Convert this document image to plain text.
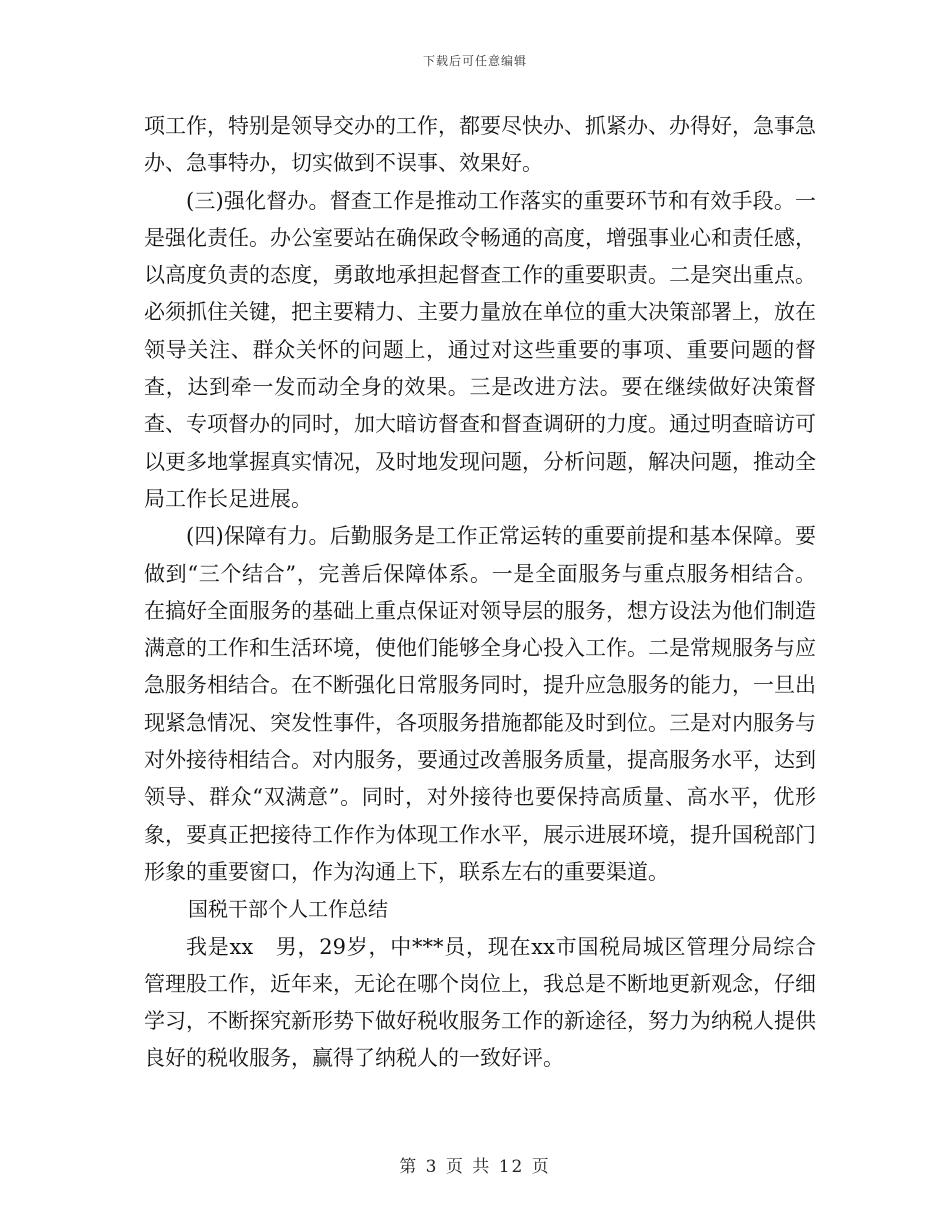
下载后可任意编辑

项工作，特别是领导交办的工作，都要尽快办、抓紧办、办得好，急事急办、急事特办，切实做到不误事、效果好。

(三)强化督办。督查工作是推动工作落实的重要环节和有效手段。一是强化责任。办公室要站在确保政令畅通的高度，增强事业心和责任感，以高度负责的态度，勇敢地承担起督查工作的重要职责。二是突出重点。必须抓住关键，把主要精力、主要力量放在单位的重大决策部署上，放在领导关注、群众关怀的问题上，通过对这些重要的事项、重要问题的督查，达到牵一发而动全身的效果。三是改进方法。要在继续做好决策督查、专项督办的同时，加大暗访督查和督查调研的力度。通过明查暗访可以更多地掌握真实情况，及时地发现问题，分析问题，解决问题，推动全局工作长足进展。

(四)保障有力。后勤服务是工作正常运转的重要前提和基本保障。要做到“三个结合”，完善后保障体系。一是全面服务与重点服务相结合。在搞好全面服务的基础上重点保证对领导层的服务，想方设法为他们制造满意的工作和生活环境，使他们能够全身心投入工作。二是常规服务与应急服务相结合。在不断强化日常服务同时，提升应急服务的能力，一旦出现紧急情况、突发性事件，各项服务措施都能及时到位。三是对内服务与对外接待相结合。对内服务，要通过改善服务质量，提高服务水平，达到领导、群众“双满意”。同时，对外接待也要保持高质量、高水平，优形象，要真正把接待工作作为体现工作水平，展示进展环境，提升国税部门形象的重要窗口，作为沟通上下，联系左右的重要渠道。

国税干部个人工作总结

我是xx　男，29岁，中***员，现在xx市国税局城区管理分局综合管理股工作，近年来，无论在哪个岗位上，我总是不断地更新观念，仔细学习，不断探究新形势下做好税收服务工作的新途径，努力为纳税人提供良好的税收服务，赢得了纳税人的一致好评。

第 3 页 共 12 页
